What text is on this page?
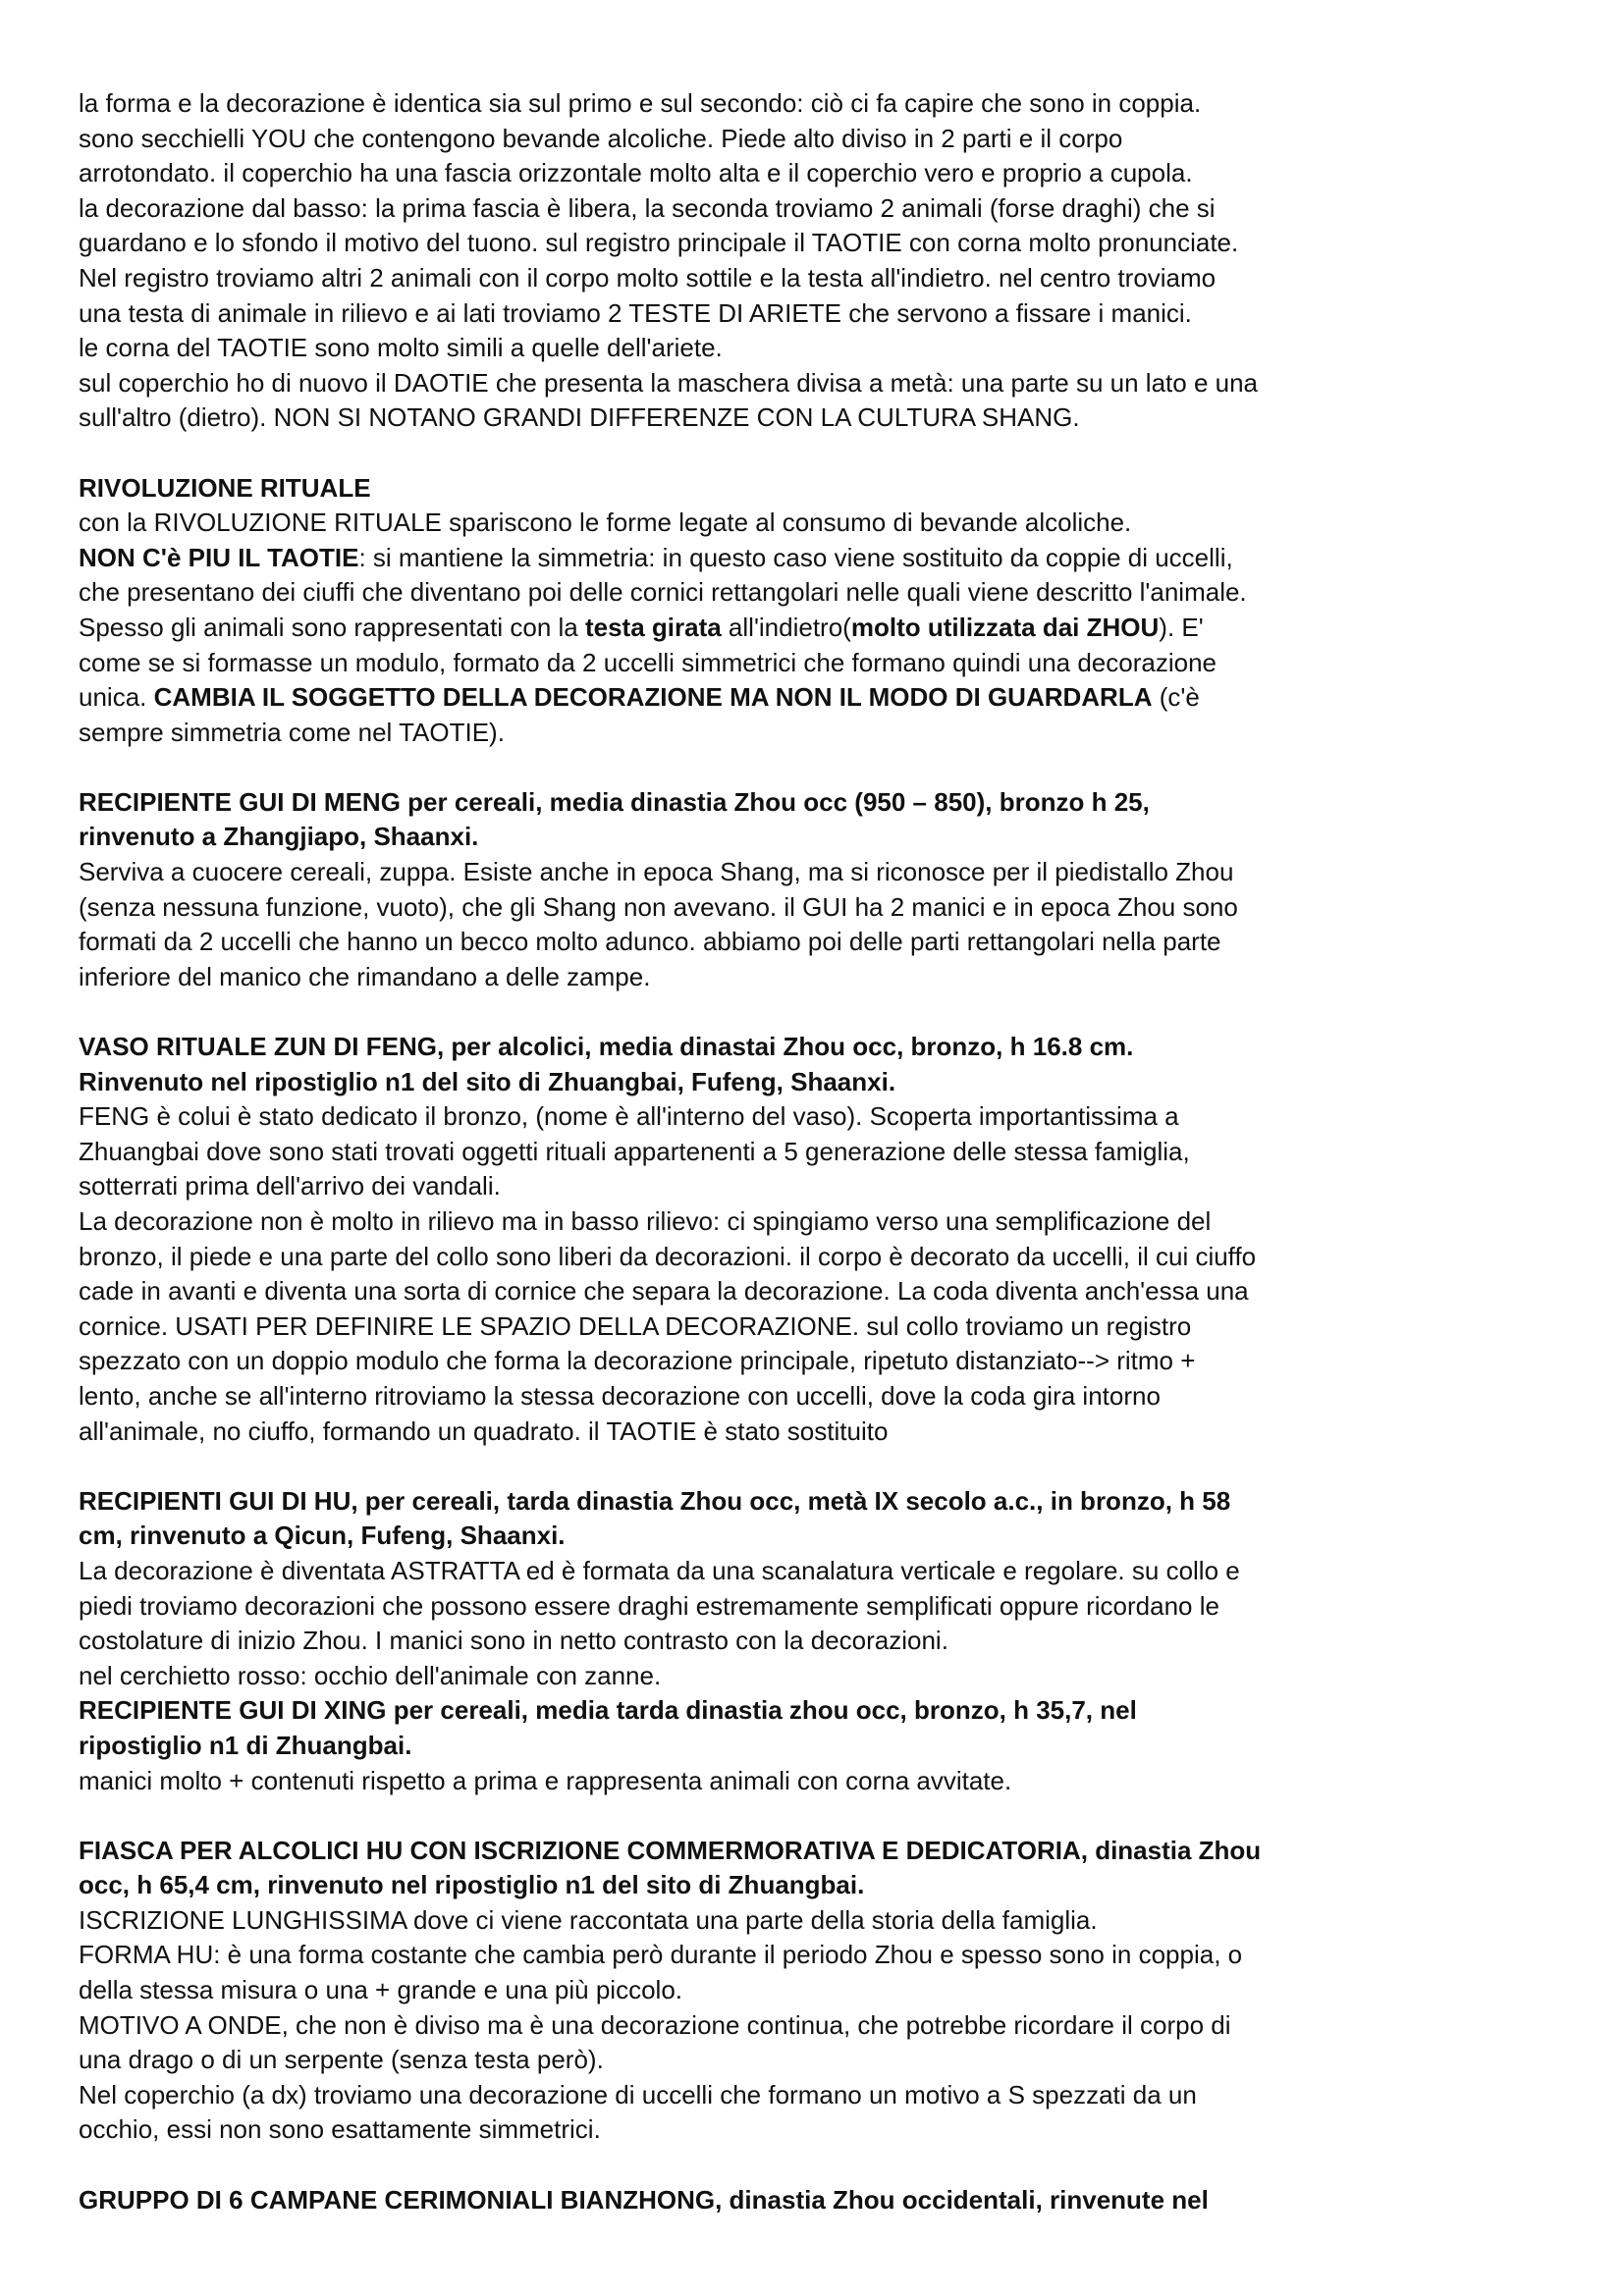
la forma e la decorazione è identica sia sul primo e sul secondo: ciò ci fa capire che sono in coppia.

sono secchielli YOU che contengono bevande alcoliche. Piede alto diviso in 2 parti e il corpo

arrotondato. il coperchio ha una fascia orizzontale molto alta e il coperchio vero e proprio a cupola.

la decorazione dal basso: la prima fascia è libera, la seconda troviamo 2 animali (forse draghi) che si

guardano e lo sfondo il motivo del tuono. sul registro principale il TAOTIE con corna molto pronunciate.

Nel registro troviamo altri 2 animali con il corpo molto sottile e la testa all'indietro. nel centro troviamo

una testa di animale in rilievo e ai lati troviamo 2 TESTE DI ARIETE che servono a fissare i manici.

le corna del TAOTIE sono molto simili a quelle dell'ariete.

sul coperchio ho di nuovo il DAOTIE che presenta la maschera divisa a metà: una parte su un lato e una

sull'altro (dietro). NON SI NOTANO GRANDI DIFFERENZE CON LA CULTURA SHANG.

RIVOLUZIONE RITUALE

con la RIVOLUZIONE RITUALE spariscono le forme legate al consumo di bevande alcoliche.

NON C'è PIU IL TAOTIE: si mantiene la simmetria: in questo caso viene sostituito da coppie di uccelli,

che presentano dei ciuffi che diventano poi delle cornici rettangolari nelle quali viene descritto l'animale.

Spesso gli animali sono rappresentati con la testa girata all'indietro(molto utilizzata dai ZHOU). E'

come se si formasse un modulo, formato da 2 uccelli simmetrici che formano quindi una decorazione

unica. CAMBIA IL SOGGETTO DELLA DECORAZIONE MA NON IL MODO DI GUARDARLA (c'è

sempre simmetria come nel TAOTIE).

RECIPIENTE GUI DI MENG per cereali, media dinastia Zhou occ (950 – 850), bronzo h 25,

rinvenuto a Zhangjiapo, Shaanxi.

Serviva a cuocere cereali, zuppa. Esiste anche in epoca Shang, ma si riconosce per il piedistallo Zhou

(senza nessuna funzione, vuoto), che gli Shang non avevano. il GUI ha 2 manici e in epoca Zhou sono

formati da 2 uccelli che hanno un becco molto adunco. abbiamo poi delle parti rettangolari nella parte

inferiore del manico che rimandano a delle zampe.

VASO RITUALE ZUN DI FENG, per alcolici, media dinastai Zhou occ, bronzo, h 16.8 cm.

Rinvenuto nel ripostiglio n1 del sito di Zhuangbai, Fufeng, Shaanxi.

FENG è colui è stato dedicato il bronzo, (nome è all'interno del vaso). Scoperta importantissima a

Zhuangbai dove sono stati trovati oggetti rituali appartenenti a 5 generazione delle stessa famiglia,

sotterrati prima dell'arrivo dei vandali.

La decorazione non è molto in rilievo ma in basso rilievo: ci spingiamo verso una semplificazione del

bronzo, il piede e una parte del collo sono liberi da decorazioni. il corpo è decorato da uccelli, il cui ciuffo

cade in avanti e diventa una sorta di cornice che separa la decorazione. La coda diventa anch'essa una

cornice. USATI PER DEFINIRE LE SPAZIO DELLA DECORAZIONE. sul collo troviamo un registro

spezzato con un doppio modulo che forma la decorazione principale, ripetuto distanziato--> ritmo +

lento, anche se all'interno ritroviamo la stessa decorazione con uccelli, dove la coda gira intorno

all'animale, no ciuffo, formando un quadrato. il TAOTIE è stato sostituito

RECIPIENTI GUI DI HU, per cereali, tarda dinastia Zhou occ, metà IX secolo a.c., in bronzo, h 58

cm, rinvenuto a Qicun, Fufeng, Shaanxi.

La decorazione è diventata ASTRATTA ed è formata da una scanalatura verticale e regolare. su collo e

piedi troviamo decorazioni che possono essere draghi estremamente semplificati oppure ricordano le

costolature di inizio Zhou. I manici sono in netto contrasto con la decorazioni.

nel cerchietto rosso: occhio dell'animale con zanne.

RECIPIENTE GUI DI XING per cereali, media tarda dinastia zhou occ, bronzo, h 35,7, nel

ripostiglio n1 di Zhuangbai.

manici molto + contenuti rispetto a prima e rappresenta animali con corna avvitate.

FIASCA PER ALCOLICI HU CON ISCRIZIONE COMMERMORATIVA E DEDICATORIA, dinastia Zhou

occ, h 65,4 cm, rinvenuto nel ripostiglio n1 del sito di Zhuangbai.

ISCRIZIONE LUNGHISSIMA dove ci viene raccontata una parte della storia della famiglia.

FORMA HU: è una forma costante che cambia però durante il periodo Zhou e spesso sono in coppia, o

della stessa misura o una + grande e una più piccolo.

MOTIVO A ONDE, che non è diviso ma è una decorazione continua, che potrebbe ricordare il corpo di

una drago o di un serpente (senza testa però).

Nel coperchio (a dx) troviamo una decorazione di uccelli che formano un motivo a S spezzati da un

occhio, essi non sono esattamente simmetrici.

GRUPPO DI 6 CAMPANE CERIMONIALI BIANZHONG, dinastia Zhou occidentali, rinvenute nel
